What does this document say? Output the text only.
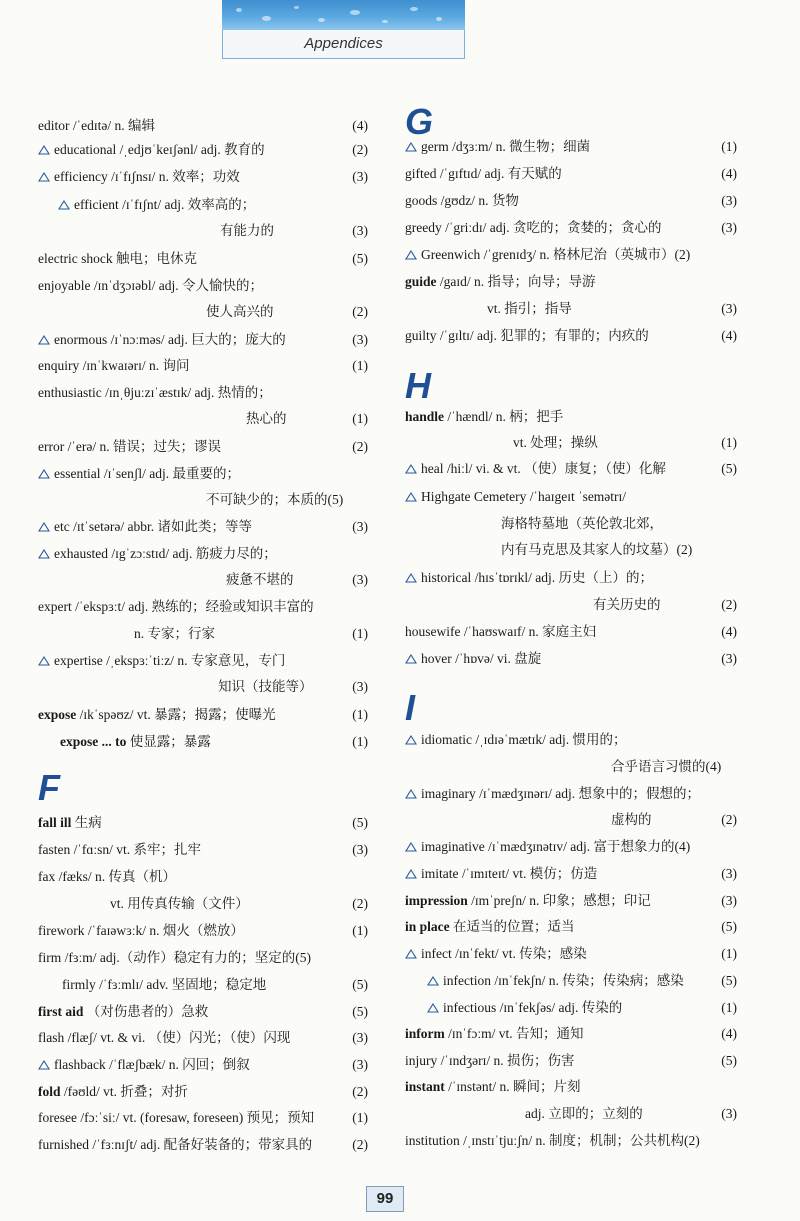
Appendices
editor /ˈedɪtə/ n. 编辑	(4)
educational /ˌedjʊˈkeɪʃənl/ adj. 教育的	(2)
efficiency /ɪˈfɪʃnsɪ/ n. 效率；功效	(3)
efficient /ɪˈfɪʃnt/ adj. 效率高的；
有能力的	(3)
electric shock 触电；电休克	(5)
enjoyable /ɪnˈdʒɔɪəbl/ adj. 令人愉快的；
使人高兴的	(2)
enormous /ɪˈnɔːməs/ adj. 巨大的；庞大的	(3)
enquiry /ɪnˈkwaɪərɪ/ n. 询问	(1)
enthusiastic /ɪnˌθjuːzɪˈæstɪk/ adj. 热情的；
热心的	(1)
error /ˈerə/ n. 错误；过失；谬误	(2)
essential /ɪˈsenʃl/ adj. 最重要的；
不可缺少的；本质的(5)
etc /ɪtˈsetərə/ abbr. 诸如此类；等等	(3)
exhausted /ɪgˈzɔːstɪd/ adj. 筋疲力尽的；
疲惫不堪的	(3)
expert /ˈekspɜːt/ adj. 熟练的；经验或知识丰富的
n. 专家；行家	(1)
expertise /ˌekspɜːˈtiːz/ n. 专家意见，专门
知识（技能等）	(3)
expose /ɪkˈspəʊz/ vt. 暴露；揭露；使曝光	(1)
expose ... to 使显露；暴露	(1)
fall ill 生病	(5)
fasten /ˈfɑːsn/ vt. 系牢；扎牢	(3)
fax /fæks/ n. 传真（机）
vt. 用传真传输（文件）	(2)
firework /ˈfaɪəwɜːk/ n. 烟火（燃放）	(1)
firm /fɜːm/ adj.（动作）稳定有力的；坚定的(5)
firmly /ˈfɜːmlɪ/ adv. 坚固地；稳定地	(5)
first aid （对伤患者的）急救	(5)
flash /flæʃ/ vt. & vi. （使）闪光；（使）闪现	(3)
flashback /ˈflæʃbæk/ n. 闪回；倒叙	(3)
fold /fəʊld/ vt. 折叠；对折	(2)
foresee /fɔːˈsiː/ vt. (foresaw, foreseen) 预见；预知	(1)
furnished /ˈfɜːnɪʃt/ adj. 配备好装备的；带家具的	(2)
F
germ /dʒɜːm/ n. 微生物；细菌	(1)
gifted /ˈgɪftɪd/ adj. 有天赋的	(4)
goods /gʊdz/ n. 货物	(3)
greedy /ˈgriːdɪ/ adj. 贪吃的；贪婪的；贪心的	(3)
Greenwich /ˈgrenɪdʒ/ n. 格林尼治（英城市）(2)
guide /gaɪd/ n. 指导；向导；导游
vt. 指引；指导	(3)
guilty /ˈgɪltɪ/ adj. 犯罪的；有罪的；内疚的	(4)
handle /ˈhændl/ n. 柄；把手
vt. 处理；操纵	(1)
heal /hiːl/ vi. & vt. （使）康复；（使）化解	(5)
Highgate Cemetery /ˈhaɪgeɪt ˈsemətrɪ/
海格特墓地（英伦敦北郊，
内有马克思及其家人的坟墓）(2)
historical /hɪsˈtɒrɪkl/ adj. 历史（上）的；
有关历史的	(2)
housewife /ˈhaʊswaɪf/ n. 家庭主妇	(4)
hover /ˈhɒvə/ vi. 盘旋	(3)
idiomatic /ˌɪdɪəˈmætɪk/ adj. 惯用的；
合乎语言习惯的(4)
imaginary /ɪˈmædʒɪnərɪ/ adj. 想象中的；假想的；
虚构的	(2)
imaginative /ɪˈmædʒɪnətɪv/ adj. 富于想象力的(4)
imitate /ˈɪmɪteɪt/ vt. 模仿；仿造	(3)
impression /ɪmˈpreʃn/ n. 印象；感想；印记	(3)
in place 在适当的位置；适当	(5)
infect /ɪnˈfekt/ vt. 传染；感染	(1)
infection /ɪnˈfekʃn/ n. 传染；传染病；感染	(5)
infectious /ɪnˈfekʃəs/ adj. 传染的	(1)
inform /ɪnˈfɔːm/ vt. 告知；通知	(4)
injury /ˈɪndʒərɪ/ n. 损伤；伤害	(5)
instant /ˈɪnstənt/ n. 瞬间；片刻
adj. 立即的；立刻的	(3)
institution /ˌɪnstɪˈtjuːʃn/ n. 制度；机制；公共机构(2)
G
H
I
99
